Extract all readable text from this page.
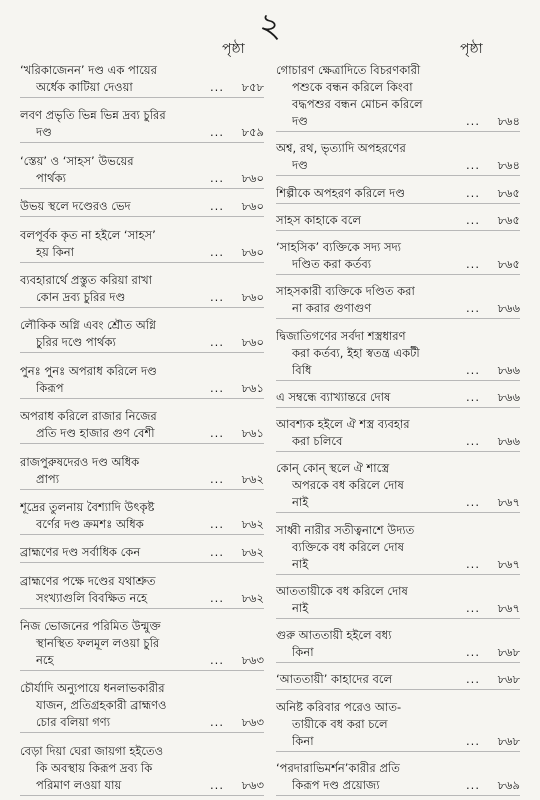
২
পৃষ্ঠা	পৃষ্ঠা
‘খরিকাজেনন’ দণ্ড এক পায়ের
অর্ধেক কাটিয়া দেওয়া	...	৮৫৮
লবণ প্রভৃতি ভিন্ন ভিন্ন দ্রব্য চুরির
দণ্ড	...	৮৫৯
‘স্তেয়’ ও ‘সাহস’ উভয়ের
পার্থক্য	...	৮৬০
উভয় স্থলে দণ্ডেরও ভেদ	...	৮৬০
বলপূর্বক কৃত না হইলে ‘সাহস’
হয় কিনা	...	৮৬০
ব্যবহারার্থে প্রস্তুত করিয়া রাখা
কোন দ্রব্য চুরির দণ্ড	...	৮৬০
লৌকিক অগ্নি এবং শ্রৌত অগ্নি
চুরির দণ্ডে পার্থক্য	...	৮৬০
পুনঃ পুনঃ অপরাধ করিলে দণ্ড
কিরূপ	...	৮৬১
অপরাধ করিলে রাজার নিজের
প্রতি দণ্ড হাজার গুণ বেশী	...	৮৬১
রাজপুরুষদেরও দণ্ড অধিক
প্রাপ্য	...	৮৬২
শূদ্রের তুলনায় বৈশ্যাদি উৎকৃষ্ট
বর্ণের দণ্ড ক্রমশঃ অধিক	...	৮৬২
ব্রাহ্মণের দণ্ড সর্বাধিক কেন	...	৮৬২
ব্রাহ্মণের পক্ষে দণ্ডের যথাশ্রুত
সংখ্যাগুলি বিবক্ষিত নহে	...	৮৬২
নিজ ভোজনের পরিমিত উন্মুক্ত
স্থানস্থিত ফলমূল লওয়া চুরি
নহে	...	৮৬৩
চৌর্যাদি অন্যুপায়ে ধনলাভকারীর
যাজন, প্রতিগ্রহকারী ব্রাহ্মণও
চোর বলিয়া গণ্য	...	৮৬৩
বেড়া দিয়া ঘেরা জায়গা হইতেও
কি অবস্থায় কিরূপ দ্রব্য কি
পরিমাণ লওয়া যায়	...	৮৬৩
গোচারণ ক্ষেত্রাদিতে বিচরণকারী
পশুকে বন্ধন করিলে কিংবা
বদ্ধপশুর বন্ধন মোচন করিলে
দণ্ড	...	৮৬৪
অশ্ব, রথ, ভৃত্যাদি অপহরণের
দণ্ড	...	৮৬৪
শিল্পীকে অপহরণ করিলে দণ্ড	...	৮৬৫
সাহস কাহাকে বলে	...	৮৬৫
‘সাহসিক’ ব্যক্তিকে সদ্য সদ্য
দণ্ডিত করা কর্তব্য	...	৮৬৫
সাহসকারী ব্যক্তিকে দণ্ডিত করা
না করার গুণাগুণ	...	৮৬৬
দ্বিজাতিগণের সর্বদা শস্ত্রধারণ
করা কর্তব্য, ইহা স্বতন্ত্র একটী
বিধি	...	৮৬৬
এ সম্বন্ধে ব্যাখ্যান্তরে দোষ	...	৮৬৬
আবশ্যক হইলে ঐ শস্ত্র ব্যবহার
করা চলিবে	...	৮৬৬
কোন্ কোন্ স্থলে ঐ শাস্ত্রে
অপরকে বধ করিলে দোষ
নাই	...	৮৬৭
সাধ্বী নারীর সতীত্বনাশে উদ্যত
ব্যক্তিকে বধ করিলে দোষ
নাই	...	৮৬৭
আততায়ীকে বধ করিলে দোষ
নাই	...	৮৬৭
গুরু আততায়ী হইলে বধ্য
কিনা	...	৮৬৮
‘আততায়ী’ কাহাদের বলে	...	৮৬৮
অনিষ্ট করিবার পরেও আত-
তায়ীকে বধ করা চলে
কিনা	...	৮৬৮
‘পরদারাভিমর্শন’কারীর প্রতি
কিরূপ দণ্ড প্রয়োজ্য	...	৮৬৯
